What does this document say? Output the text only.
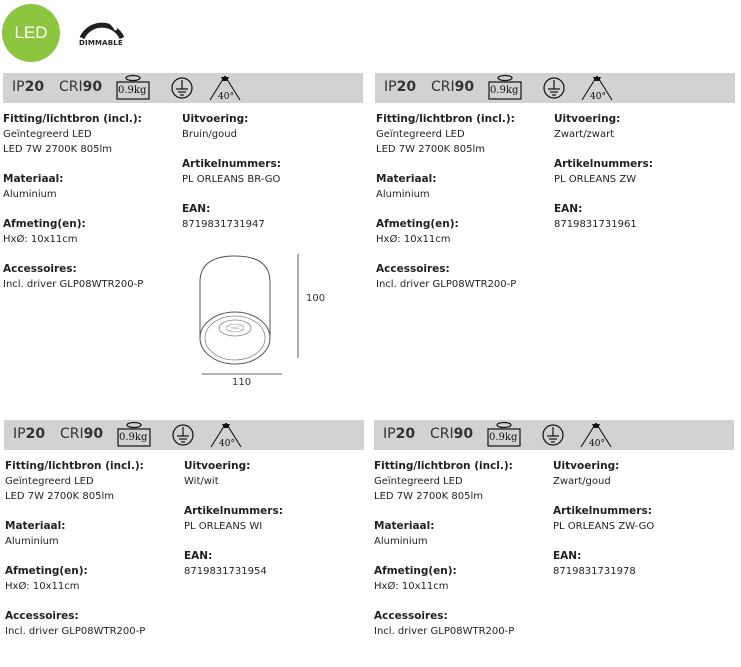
LED
DIMMABLE
IP20 CRI90 0.9kg
40°
Fitting/lichtbron (incl.):
Geïntegreerd LED
LED 7W 2700K 805lm
Materiaal:
Aluminium
Afmeting(en):
HxØ: 10x11cm
Accessoires:
Incl. driver GLP08WTR200-P
Uitvoering:
Bruin/goud
Artikelnummers:
PL ORLEANS BR-GO
EAN:
8719831731947
IP20 CRI90 0.9kg
40°
Fitting/lichtbron (incl.):
Geïntegreerd LED
LED 7W 2700K 805lm
Materiaal:
Aluminium
Afmeting(en):
HxØ: 10x11cm
Accessoires:
Incl. driver GLP08WTR200-P
Uitvoering:
Zwart/zwart
Artikelnummers:
PL ORLEANS ZW
EAN:
8719831731961
IP20 CRI90 0.9kg
40°
Fitting/lichtbron (incl.):
Geïntegreerd LED
LED 7W 2700K 805lm
Materiaal:
Aluminium
Afmeting(en):
HxØ: 10x11cm
Accessoires:
Incl. driver GLP08WTR200-P
Uitvoering:
Wit/wit
Artikelnummers:
PL ORLEANS WI
EAN:
8719831731954
IP20 CRI90 0.9kg
40°
Fitting/lichtbron (incl.):
Geïntegreerd LED
LED 7W 2700K 805lm
Materiaal:
Aluminium
Afmeting(en):
HxØ: 10x11cm
Accessoires:
Incl. driver GLP08WTR200-P
Uitvoering:
Zwart/goud
Artikelnummers:
PL ORLEANS ZW-GO
EAN:
8719831731978
100
110
